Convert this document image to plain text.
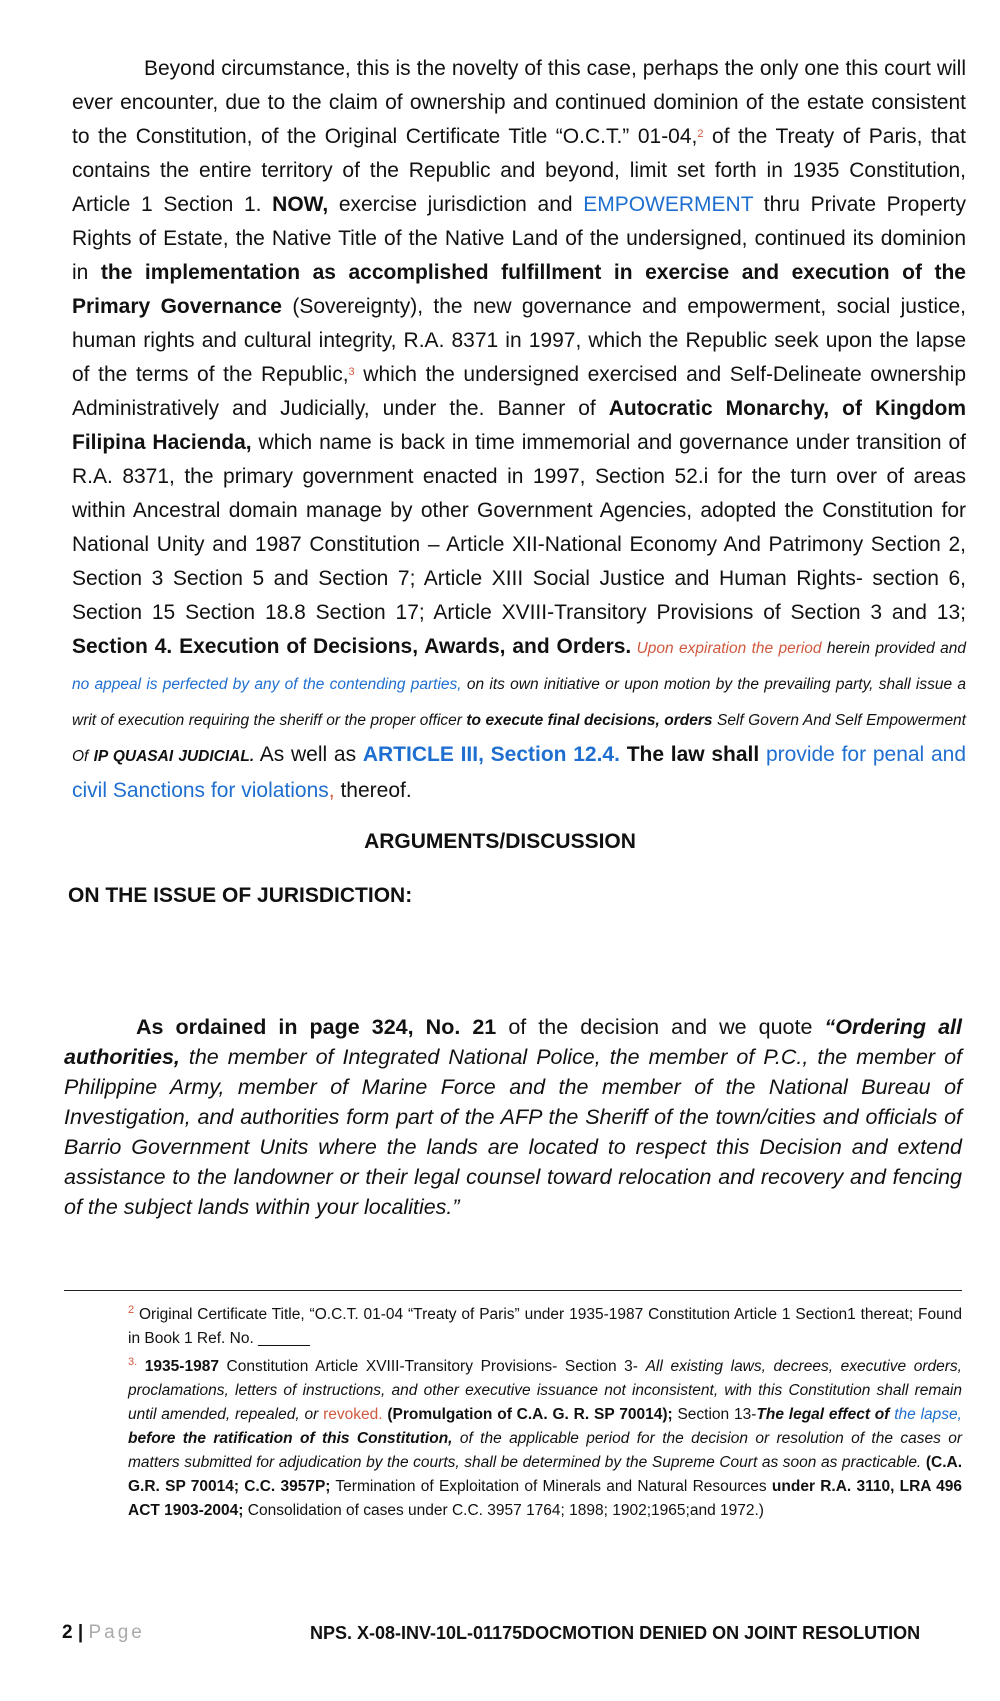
Beyond circumstance, this is the novelty of this case, perhaps the only one this court will ever encounter, due to the claim of ownership and continued dominion of the estate consistent to the Constitution, of the Original Certificate Title “O.C.T.” 01-04,$^2$ of the Treaty of Paris, that contains the entire territory of the Republic and beyond, limit set forth in 1935 Constitution, Article 1 Section 1. NOW, exercise jurisdiction and EMPOWERMENT thru Private Property Rights of Estate, the Native Title of the Native Land of the undersigned, continued its dominion in the implementation as accomplished fulfillment in exercise and execution of the Primary Governance (Sovereignty), the new governance and empowerment, social justice, human rights and cultural integrity, R.A. 8371 in 1997, which the Republic seek upon the lapse of the terms of the Republic,$^3$ which the undersigned exercised and Self-Delineate ownership Administratively and Judicially, under the. Banner of Autocratic Monarchy, of Kingdom Filipina Hacienda, which name is back in time immemorial and governance under transition of R.A. 8371, the primary government enacted in 1997, Section 52.i for the turn over of areas within Ancestral domain manage by other Government Agencies, adopted the Constitution for National Unity and 1987 Constitution – Article XII-National Economy And Patrimony Section 2, Section 3 Section 5 and Section 7; Article XIII Social Justice and Human Rights- section 6, Section 15 Section 18.8 Section 17; Article XVIII-Transitory Provisions of Section 3 and 13; Section 4. Execution of Decisions, Awards, and Orders. Upon expiration the period herein provided and no appeal is perfected by any of the contending parties, on its own initiative or upon motion by the prevailing party, shall issue a writ of execution requiring the sheriff or the proper officer to execute final decisions, orders Self Govern And Self Empowerment Of IP QUASAI JUDICIAL. As well as ARTICLE III, Section 12.4. The law shall provide for penal and civil Sanctions for violations, thereof.
ARGUMENTS/DISCUSSION
ON THE ISSUE OF JURISDICTION:
As ordained in page 324, No. 21 of the decision and we quote “Ordering all authorities, the member of Integrated National Police, the member of P.C., the member of Philippine Army, member of Marine Force and the member of the National Bureau of Investigation, and authorities form part of the AFP the Sheriff of the town/cities and officials of Barrio Government Units where the lands are located to respect this Decision and extend assistance to the landowner or their legal counsel toward relocation and recovery and fencing of the subject lands within your localities.”

$^2$ Original Certificate Title, “O.C.T. 01-04 “Treaty of Paris” under 1935-1987 Constitution Article 1 Section1 thereat; Found in Book 1 Ref. No. ______

$^{3.}$ 1935-1987 Constitution Article XVIII-Transitory Provisions- Section 3- All existing laws, decrees, executive orders, proclamations, letters of instructions, and other executive issuance not inconsistent, with this Constitution shall remain until amended, repealed, or revoked. (Promulgation of C.A. G. R. SP 70014); Section 13-The legal effect of the lapse, before the ratification of this Constitution, of the applicable period for the decision or resolution of the cases or matters submitted for adjudication by the courts, shall be determined by the Supreme Court as soon as practicable. (C.A. G.R. SP 70014; C.C. 3957P; Termination of Exploitation of Minerals and Natural Resources under R.A. 3110, LRA 496 ACT 1903-2004; Consolidation of cases under C.C. 3957 1764; 1898; 1902;1965;and 1972.)

2 | Page	NPS. X-08-INV-10L-01175DOCMOTION DENIED ON JOINT RESOLUTION
